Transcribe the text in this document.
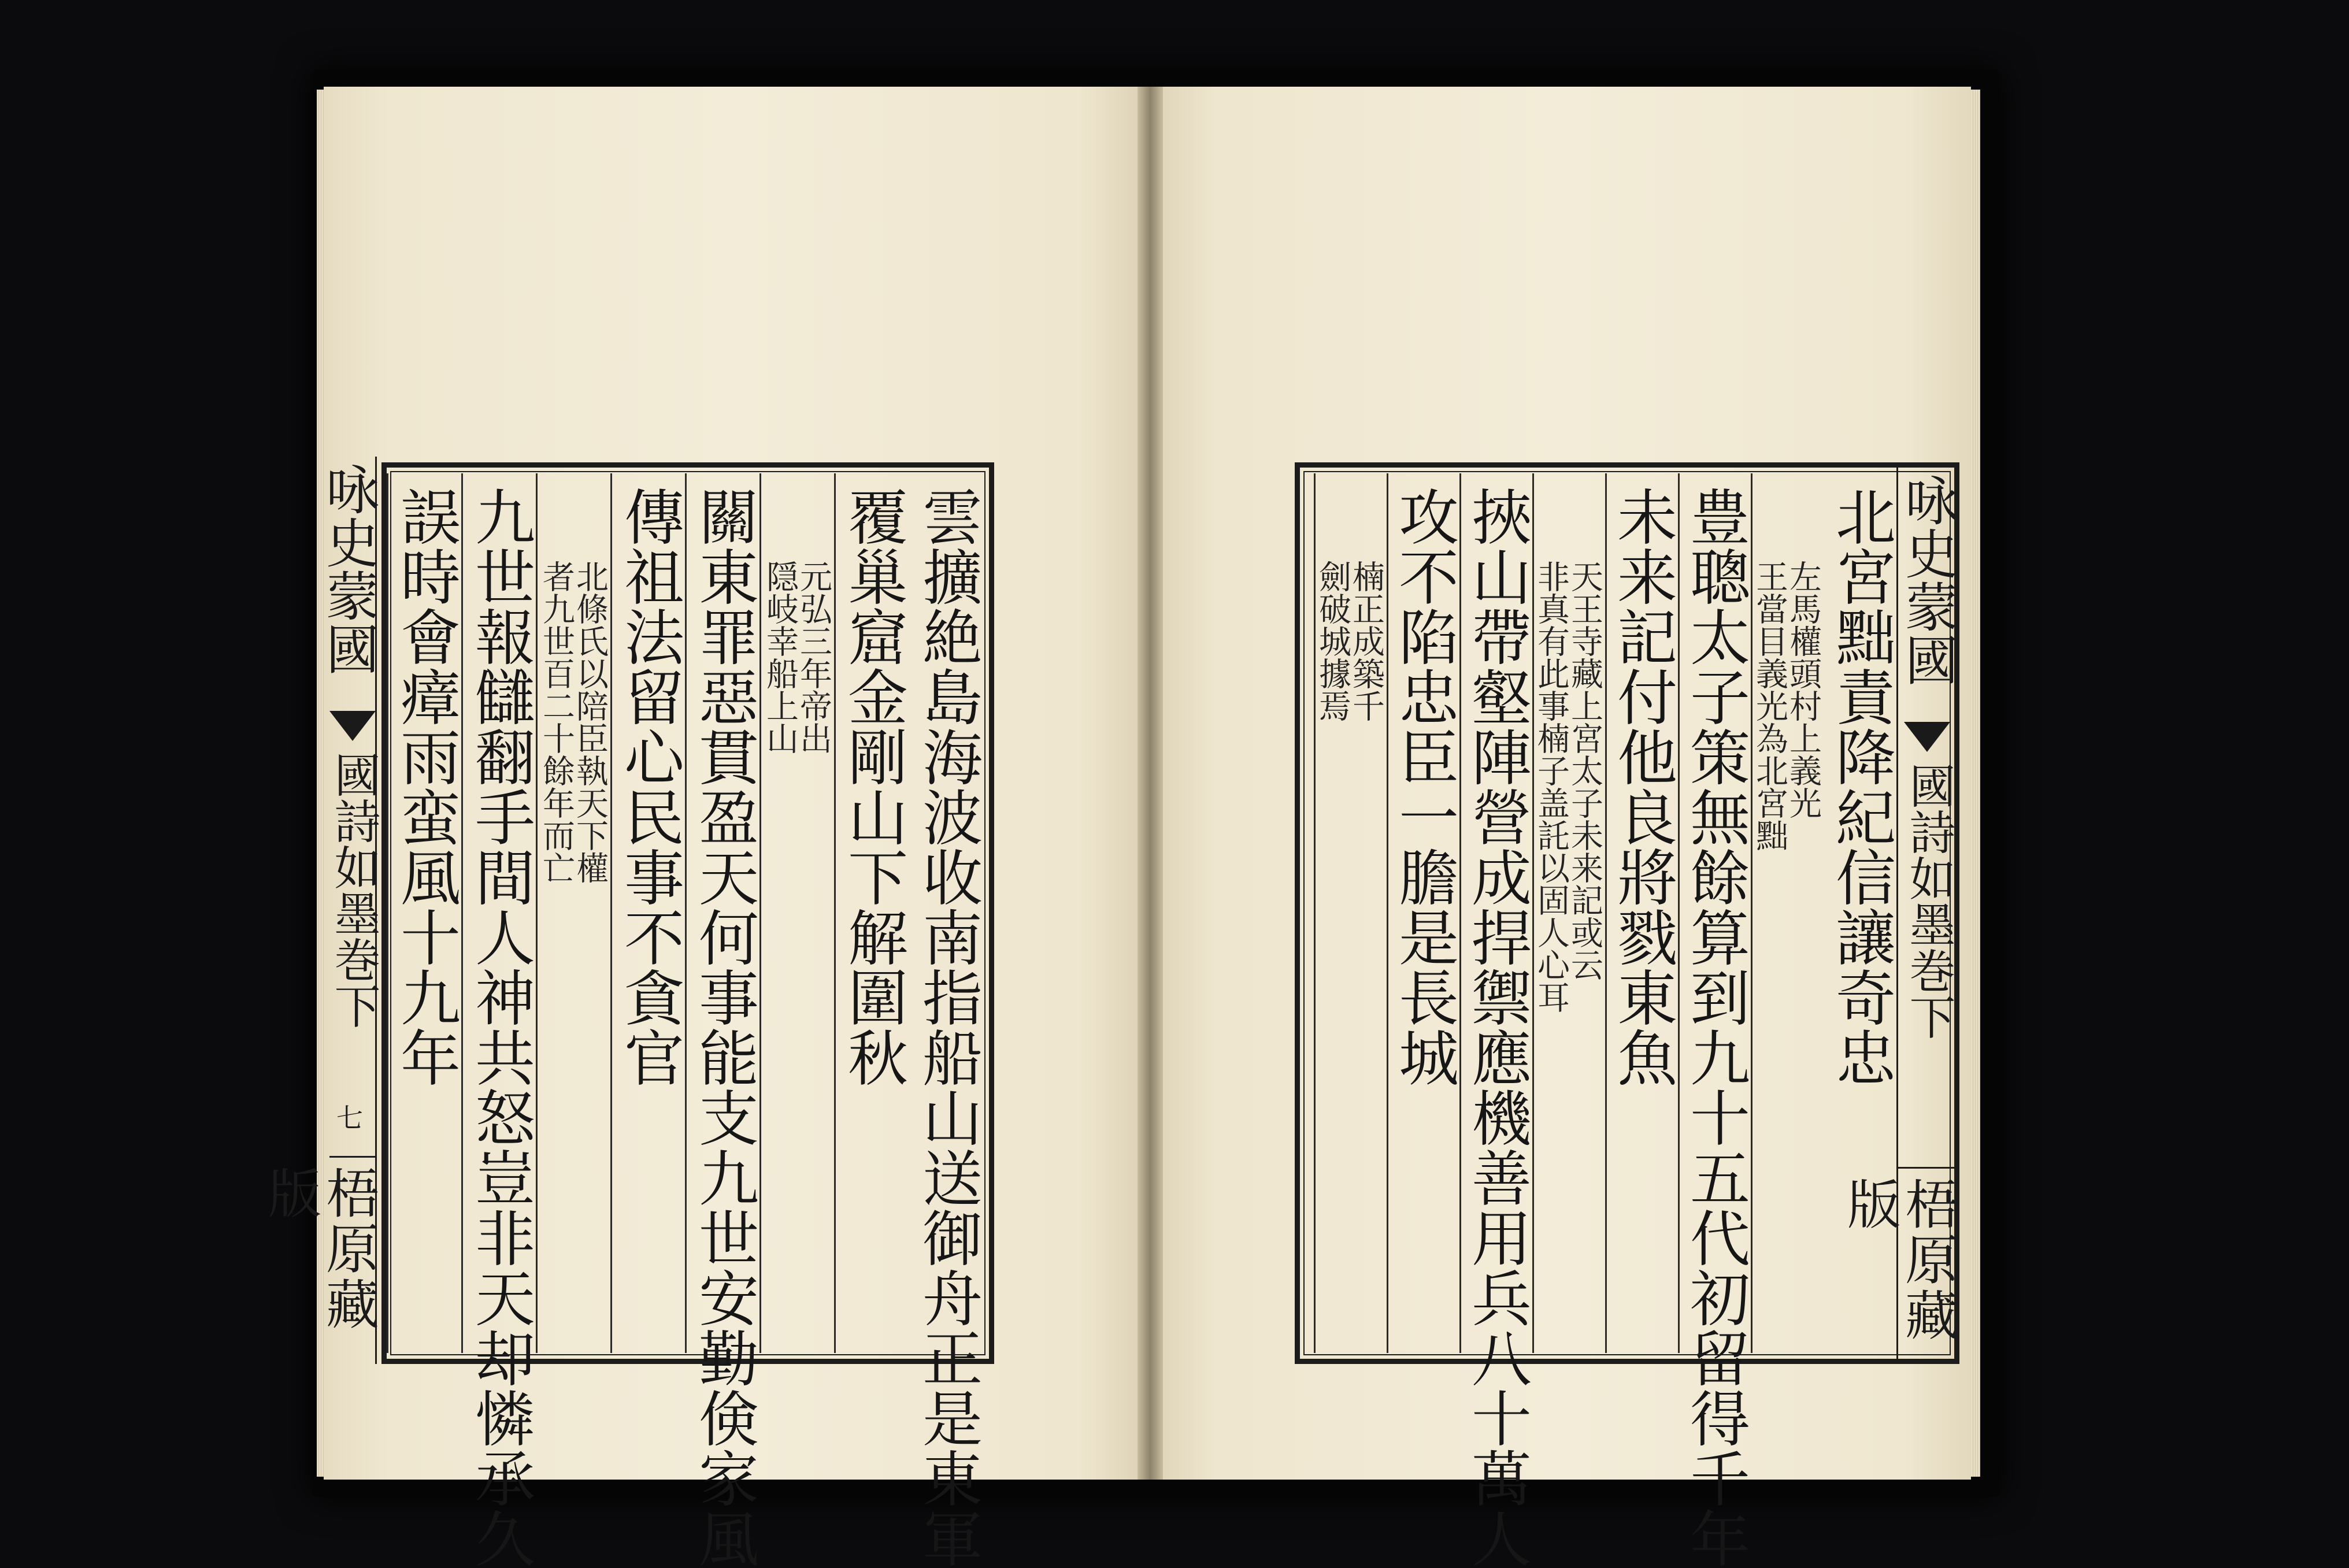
咏史蒙國
國詩如墨巻下
七
梧原藏版	雲擴絶島海波收南指船山送御舟正是東軍
覆巢窟金剛山下解圍秋
元弘三年帝出
隠岐幸船上山
關東罪惡貫盈天何事能支九世安勤倹家風
傳祖法留心民事不貪官
北條氏以陪臣執天下權
者九世百二十餘年而亡
九世報讎翻手間人神共怒豈非天却憐承久
誤時會瘴雨蛮風十九年	北宮黜責降紀信讓奇忠
左馬權頭村上義光
王當目義光為北宮黜
豊聰太子策無餘算到九十五代初留得千年
未来記付他良將戮東魚
天王寺藏上宮太子未来記或云
非真有此事楠子盖託以固人心耳
挾山帶壑陣營成捍禦應機善用兵八十萬人
攻不陷忠臣一膽是長城
楠正成築千
劍破城據焉	咏史蒙國
國詩如墨巻下
梧原藏版
